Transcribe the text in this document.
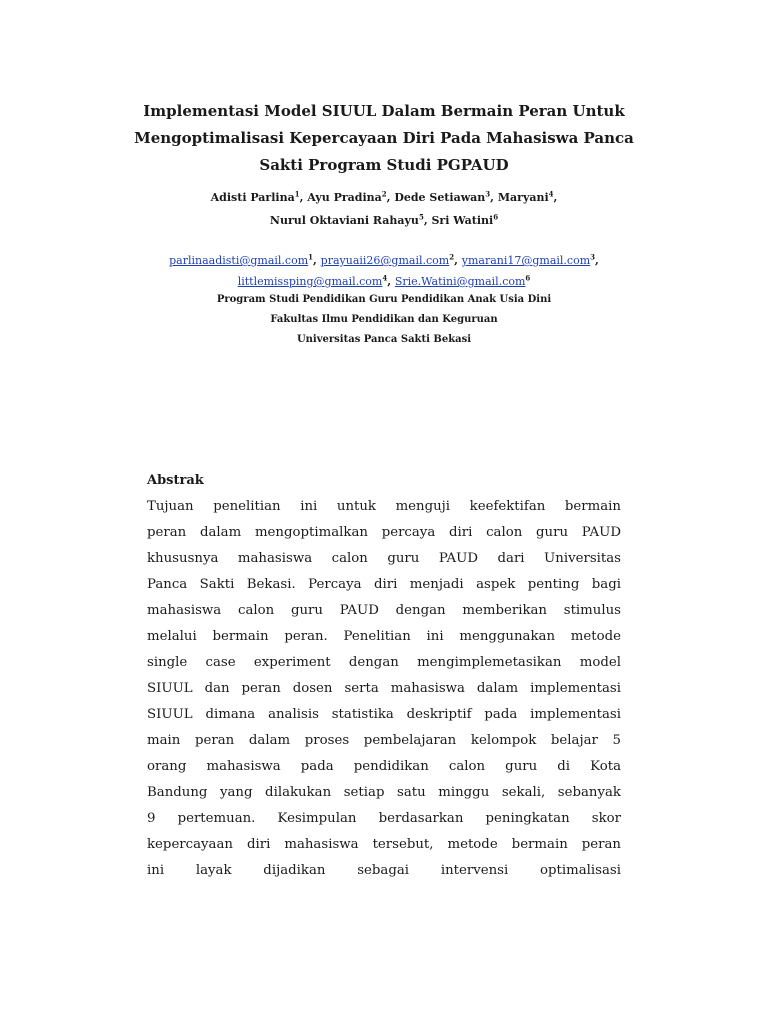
Implementasi Model SIUUL Dalam Bermain Peran Untuk
Mengoptimalisasi Kepercayaan Diri Pada Mahasiswa Panca
Sakti Program Studi PGPAUD
Adisti Parlina$^1$, Ayu Pradina$^2$, Dede Setiawan$^3$, Maryani$^4$,
Nurul Oktaviani Rahayu$^5$, Sri Watini$^6$
parlinaadisti@gmail.com$^1$, prayuaii26@gmail.com$^2$, ymarani17@gmail.com$^3$,
littlemissping@gmail.com$^4$, Srie.Watini@gmail.com$^6$
Program Studi Pendidikan Guru Pendidikan Anak Usia Dini
Fakultas Ilmu Pendidikan dan Keguruan
Universitas Panca Sakti Bekasi
Abstrak
Tujuan penelitian ini untuk menguji keefektifan bermain
peran dalam mengoptimalkan percaya diri calon guru PAUD
khususnya mahasiswa calon guru PAUD dari Universitas
Panca Sakti Bekasi. Percaya diri menjadi aspek penting bagi
mahasiswa calon guru PAUD dengan memberikan stimulus
melalui bermain peran. Penelitian ini menggunakan metode
single case experiment dengan mengimplemetasikan model
SIUUL dan peran dosen serta mahasiswa dalam implementasi
SIUUL dimana analisis statistika deskriptif pada implementasi
main peran dalam proses pembelajaran kelompok belajar 5
orang mahasiswa pada pendidikan calon guru di Kota
Bandung yang dilakukan setiap satu minggu sekali, sebanyak
9 pertemuan. Kesimpulan berdasarkan peningkatan skor
kepercayaan diri mahasiswa tersebut, metode bermain peran
ini layak dijadikan sebagai intervensi optimalisasi
